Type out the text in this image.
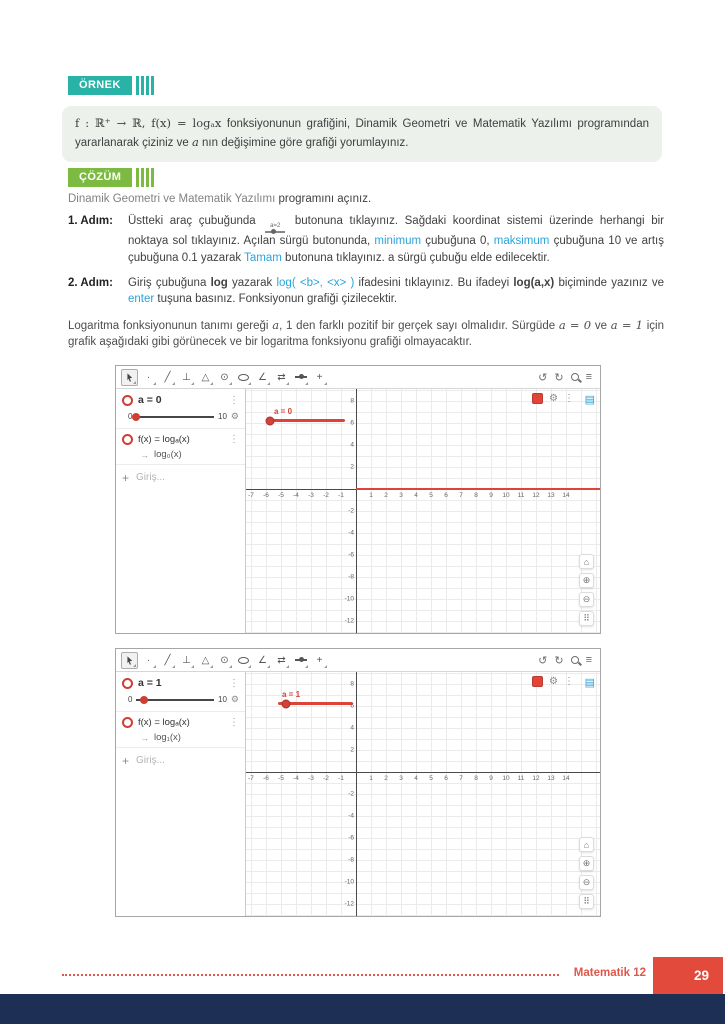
ÖRNEK
f : ℝ⁺ → ℝ, f(x) = logₐx fonksiyonunun grafiğini, Dinamik Geometri ve Matematik Yazılımı programından yararlanarak çiziniz ve a nın değişimine göre grafiği yorumlayınız.
ÇÖZÜM

Dinamik Geometri ve Matematik Yazılımı programını açınız.

1. Adım: Üstteki araç çubuğunda a=2 butonuna tıklayınız. Sağdaki koordinat sistemi üzerinde herhangi bir noktaya sol tıklayınız. Açılan sürgü butonunda, minimum çubuğuna 0, maksimum çubuğuna 10 ve artış çubuğuna 0.1 yazarak Tamam butonuna tıklayınız. a sürgü çubuğu elde edilecektir.

2. Adım: Giriş çubuğuna log yazarak log( <b>, <x> ) ifadesini tıklayınız. Bu ifadeyi log(a,x) biçiminde yazınız ve enter tuşuna basınız. Fonksiyonun grafiği çizilecektir.

Logaritma fonksiyonunun tanımı gereği a, 1 den farklı pozitif bir gerçek sayı olmalıdır. Sürgüde a = 0 ve a = 1 için grafik aşağıdaki gibi görünecek ve bir logaritma fonksiyonu grafiği olmayacaktır.

∙	╱	⊥	△	⊙	∠	⇄	+	↺ ↻ ≡
a = 0	⋮
0	10 ⚙
f(x) = logₐ(x)	⋮
→ log₀(x)
+ Giriş...
a = 0
⚙ ⋮ ▤
⌂
⊕
⊖
⠿
-7 -6 -5 -4 -3 -2 -1	1 2 3 4 5 6 7 8 9 10 11 12 13 14
8
6
4
2
-2
-4
-6
-8
-10
-12
∙	╱	⊥	△	⊙	∠	⇄	+	↺ ↻ ≡
a = 1	⋮
0	10 ⚙
f(x) = logₐ(x)	⋮
→ log₁(x)
+ Giriş...
a = 1
⚙ ⋮ ▤
⌂
⊕
⊖
⠿
-7 -6 -5 -4 -3 -2 -1	1 2 3 4 5 6 7 8 9 10 11 12 13 14
8
6
4
2
-2
-4
-6
-8
-10
-12
Matematik 12	29
